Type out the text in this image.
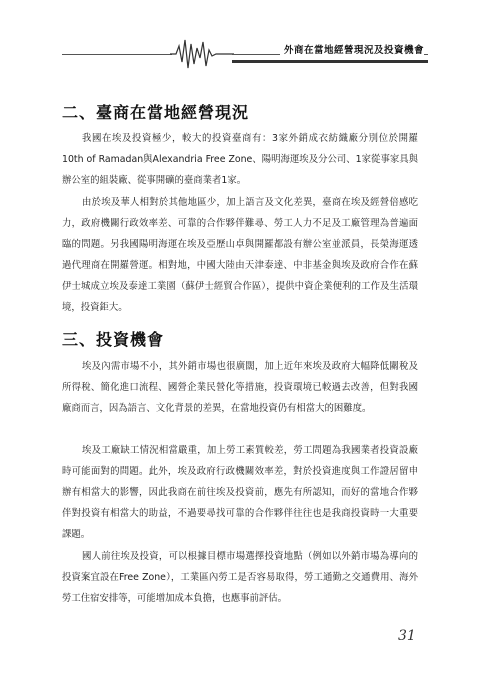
外商在當地經營現況及投資機會
二、臺商在當地經營現況

我國在埃及投資極少，較大的投資臺商有：3家外銷成衣紡織廠分別位於開羅10th of Ramadan與Alexandria Free Zone、陽明海運埃及分公司、1家從事家具與辦公室的組裝廠、從事開礦的臺商業者1家。

由於埃及華人相對於其他地區少，加上語言及文化差異，臺商在埃及經營倍感吃力，政府機關行政效率差、可靠的合作夥伴難尋、勞工人力不足及工廠管理為普遍面臨的問題。另我國陽明海運在埃及亞歷山卓與開羅都設有辦公室並派員，長榮海運透過代理商在開羅營運。相對地，中國大陸由天津泰達、中非基金與埃及政府合作在蘇伊士城成立埃及泰達工業園（蘇伊士經貿合作區），提供中資企業便利的工作及生活環境，投資鉅大。

三、投資機會

埃及內需市場不小，其外銷市場也很廣闊，加上近年來埃及政府大幅降低關稅及所得稅、簡化進口流程、國營企業民營化等措施，投資環境已較過去改善，但對我國廠商而言，因為語言、文化背景的差異，在當地投資仍有相當大的困難度。

埃及工廠缺工情況相當嚴重，加上勞工素質較差，勞工問題為我國業者投資設廠時可能面對的問題。此外，埃及政府行政機關效率差，對於投資進度與工作證居留申辦有相當大的影響，因此我商在前往埃及投資前，應先有所認知，而好的當地合作夥伴對投資有相當大的助益，不過要尋找可靠的合作夥伴往往也是我商投資時一大重要課題。

國人前往埃及投資，可以根據目標市場選擇投資地點（例如以外銷市場為導向的投資案宜設在Free Zone），工業區內勞工是否容易取得，勞工通勤之交通費用、海外勞工住宿安排等，可能增加成本負擔，也應事前評估。

31
